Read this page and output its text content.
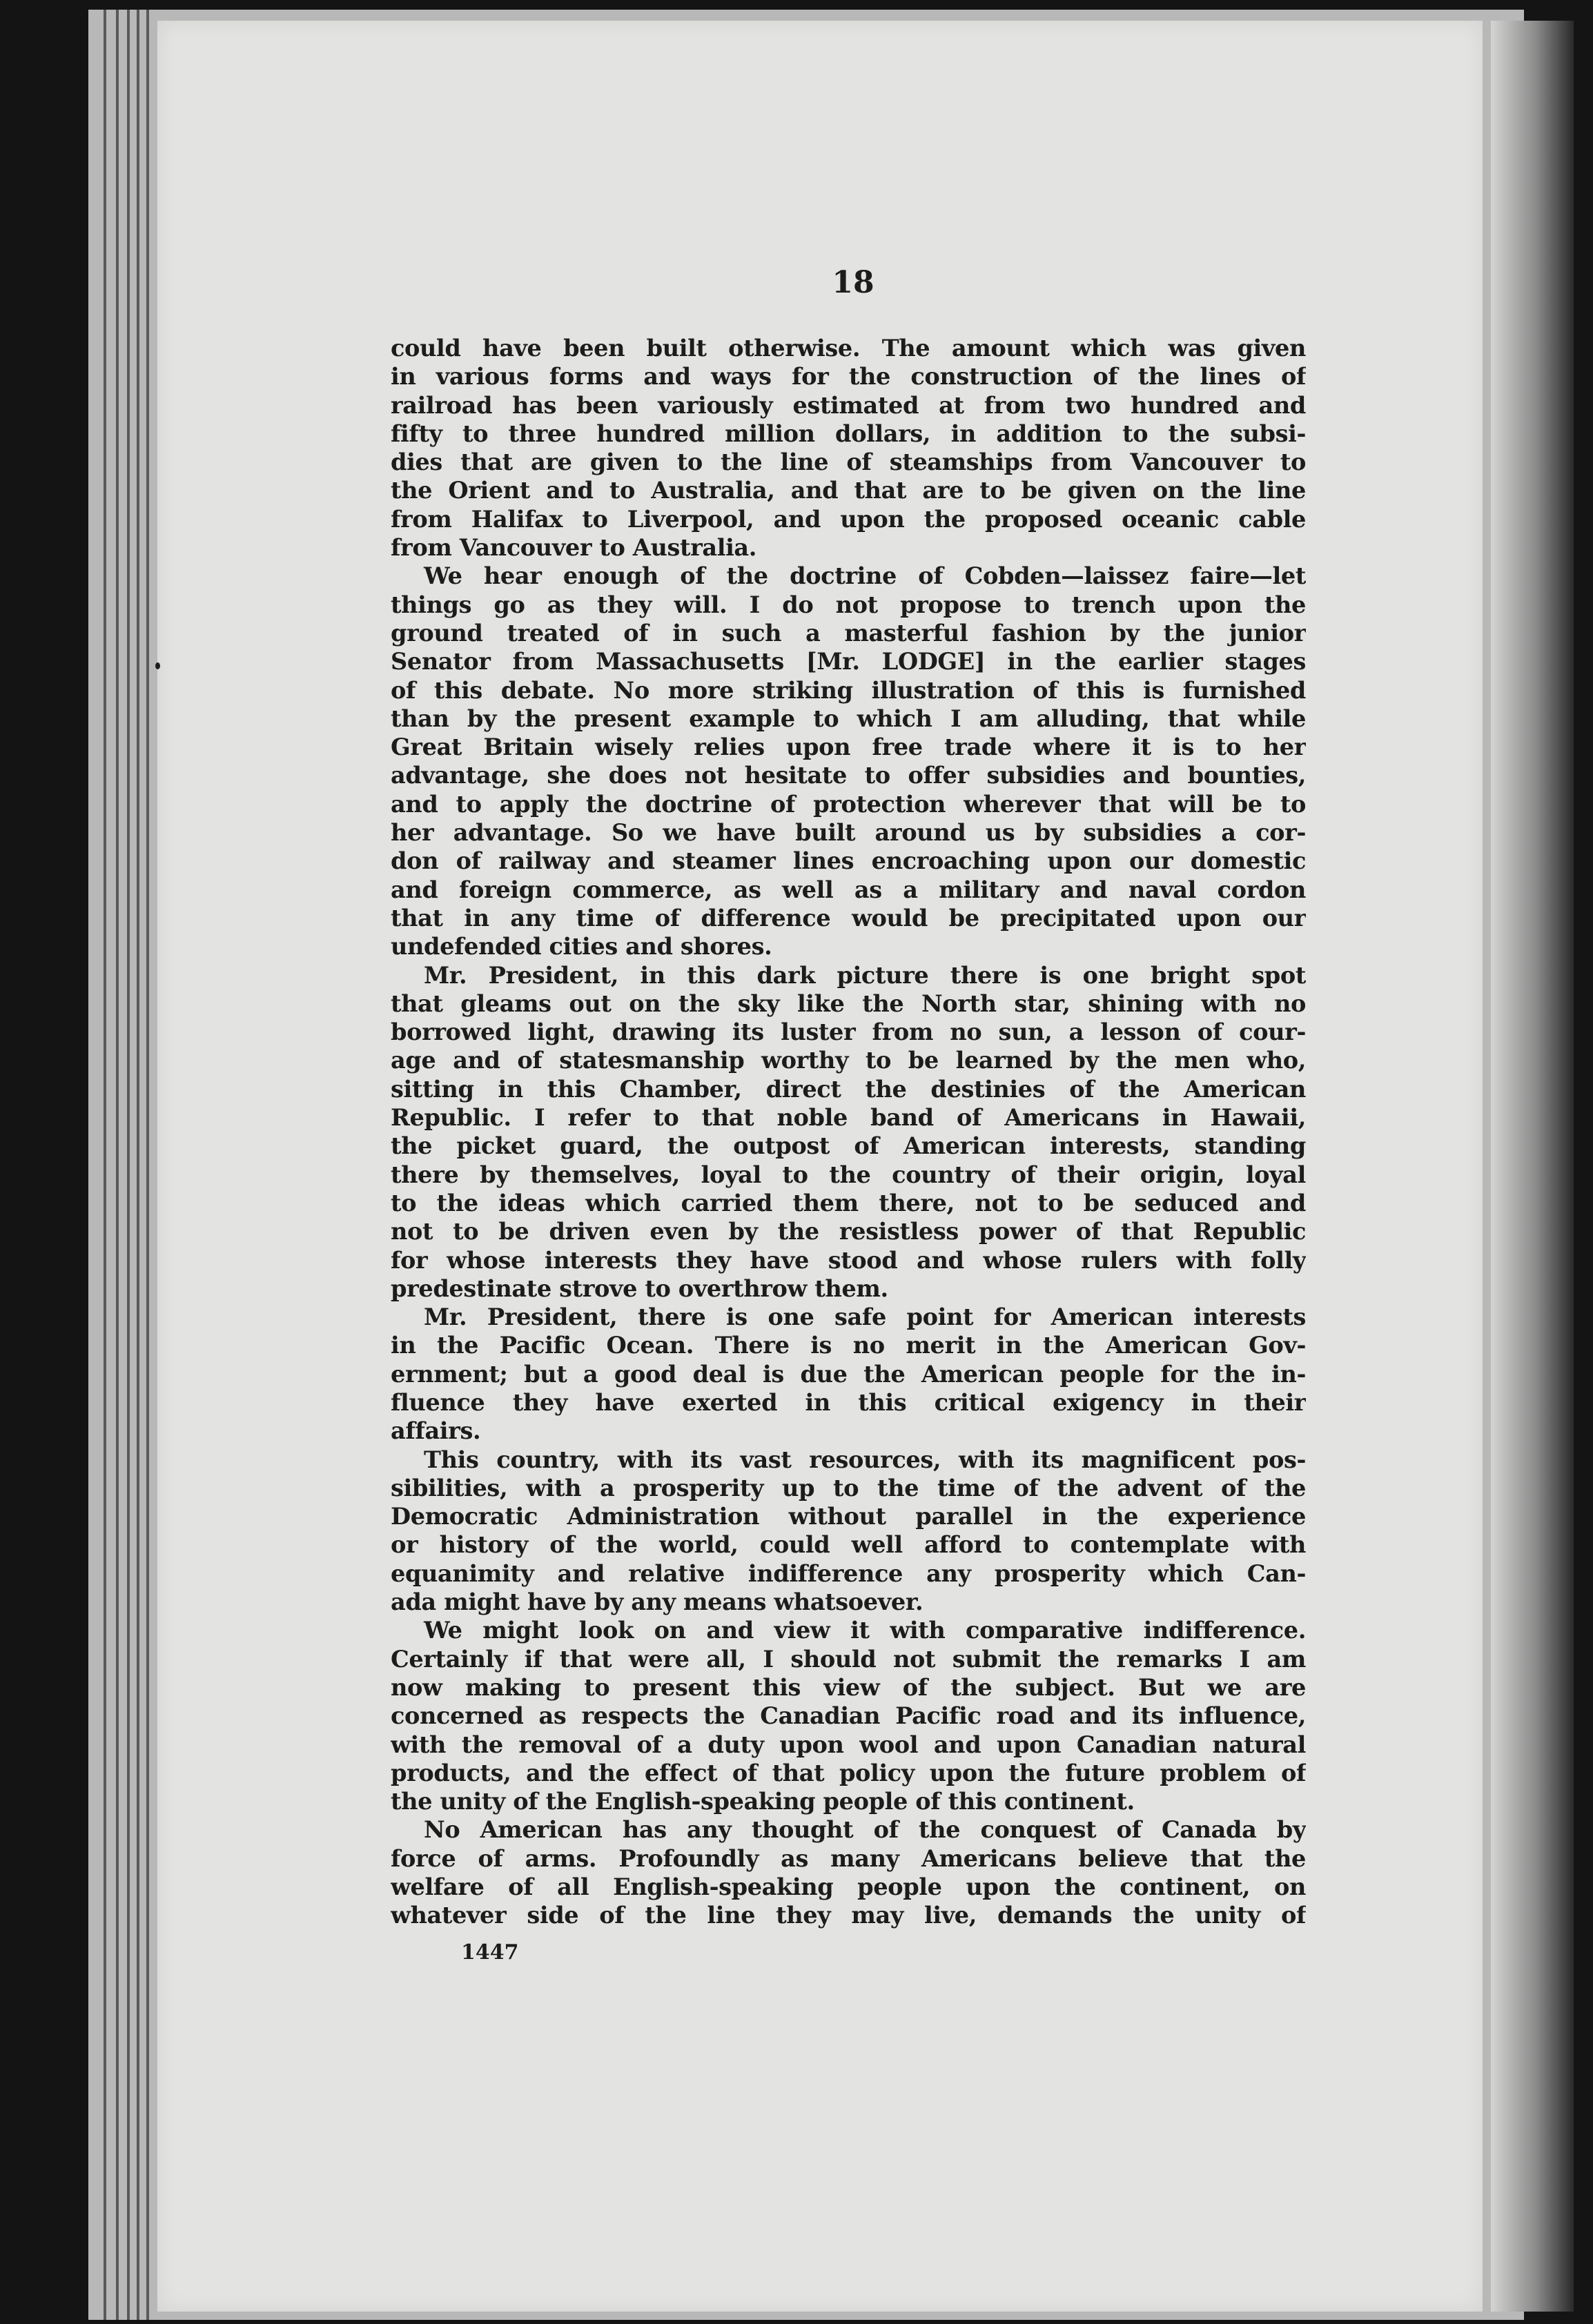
18
could have been built otherwise. The amount which was given
in various forms and ways for the construction of the lines of
railroad has been variously estimated at from two hundred and
fifty to three hundred million dollars, in addition to the subsi-
dies that are given to the line of steamships from Vancouver to
the Orient and to Australia, and that are to be given on the line
from Halifax to Liverpool, and upon the proposed oceanic cable
from Vancouver to Australia.
We hear enough of the doctrine of Cobden—laissez faire—let
things go as they will. I do not propose to trench upon the
ground treated of in such a masterful fashion by the junior
Senator from Massachusetts [Mr. LODGE] in the earlier stages
of this debate. No more striking illustration of this is furnished
than by the present example to which I am alluding, that while
Great Britain wisely relies upon free trade where it is to her
advantage, she does not hesitate to offer subsidies and bounties,
and to apply the doctrine of protection wherever that will be to
her advantage. So we have built around us by subsidies a cor-
don of railway and steamer lines encroaching upon our domestic
and foreign commerce, as well as a military and naval cordon
that in any time of difference would be precipitated upon our
undefended cities and shores.
Mr. President, in this dark picture there is one bright spot
that gleams out on the sky like the North star, shining with no
borrowed light, drawing its luster from no sun, a lesson of cour-
age and of statesmanship worthy to be learned by the men who,
sitting in this Chamber, direct the destinies of the American
Republic. I refer to that noble band of Americans in Hawaii,
the picket guard, the outpost of American interests, standing
there by themselves, loyal to the country of their origin, loyal
to the ideas which carried them there, not to be seduced and
not to be driven even by the resistless power of that Republic
for whose interests they have stood and whose rulers with folly
predestinate strove to overthrow them.
Mr. President, there is one safe point for American interests
in the Pacific Ocean. There is no merit in the American Gov-
ernment; but a good deal is due the American people for the in-
fluence they have exerted in this critical exigency in their
affairs.
This country, with its vast resources, with its magnificent pos-
sibilities, with a prosperity up to the time of the advent of the
Democratic Administration without parallel in the experience
or history of the world, could well afford to contemplate with
equanimity and relative indifference any prosperity which Can-
ada might have by any means whatsoever.
We might look on and view it with comparative indifference.
Certainly if that were all, I should not submit the remarks I am
now making to present this view of the subject. But we are
concerned as respects the Canadian Pacific road and its influence,
with the removal of a duty upon wool and upon Canadian natural
products, and the effect of that policy upon the future problem of
the unity of the English-speaking people of this continent.
No American has any thought of the conquest of Canada by
force of arms. Profoundly as many Americans believe that the
welfare of all English-speaking people upon the continent, on
whatever side of the line they may live, demands the unity of
1447
